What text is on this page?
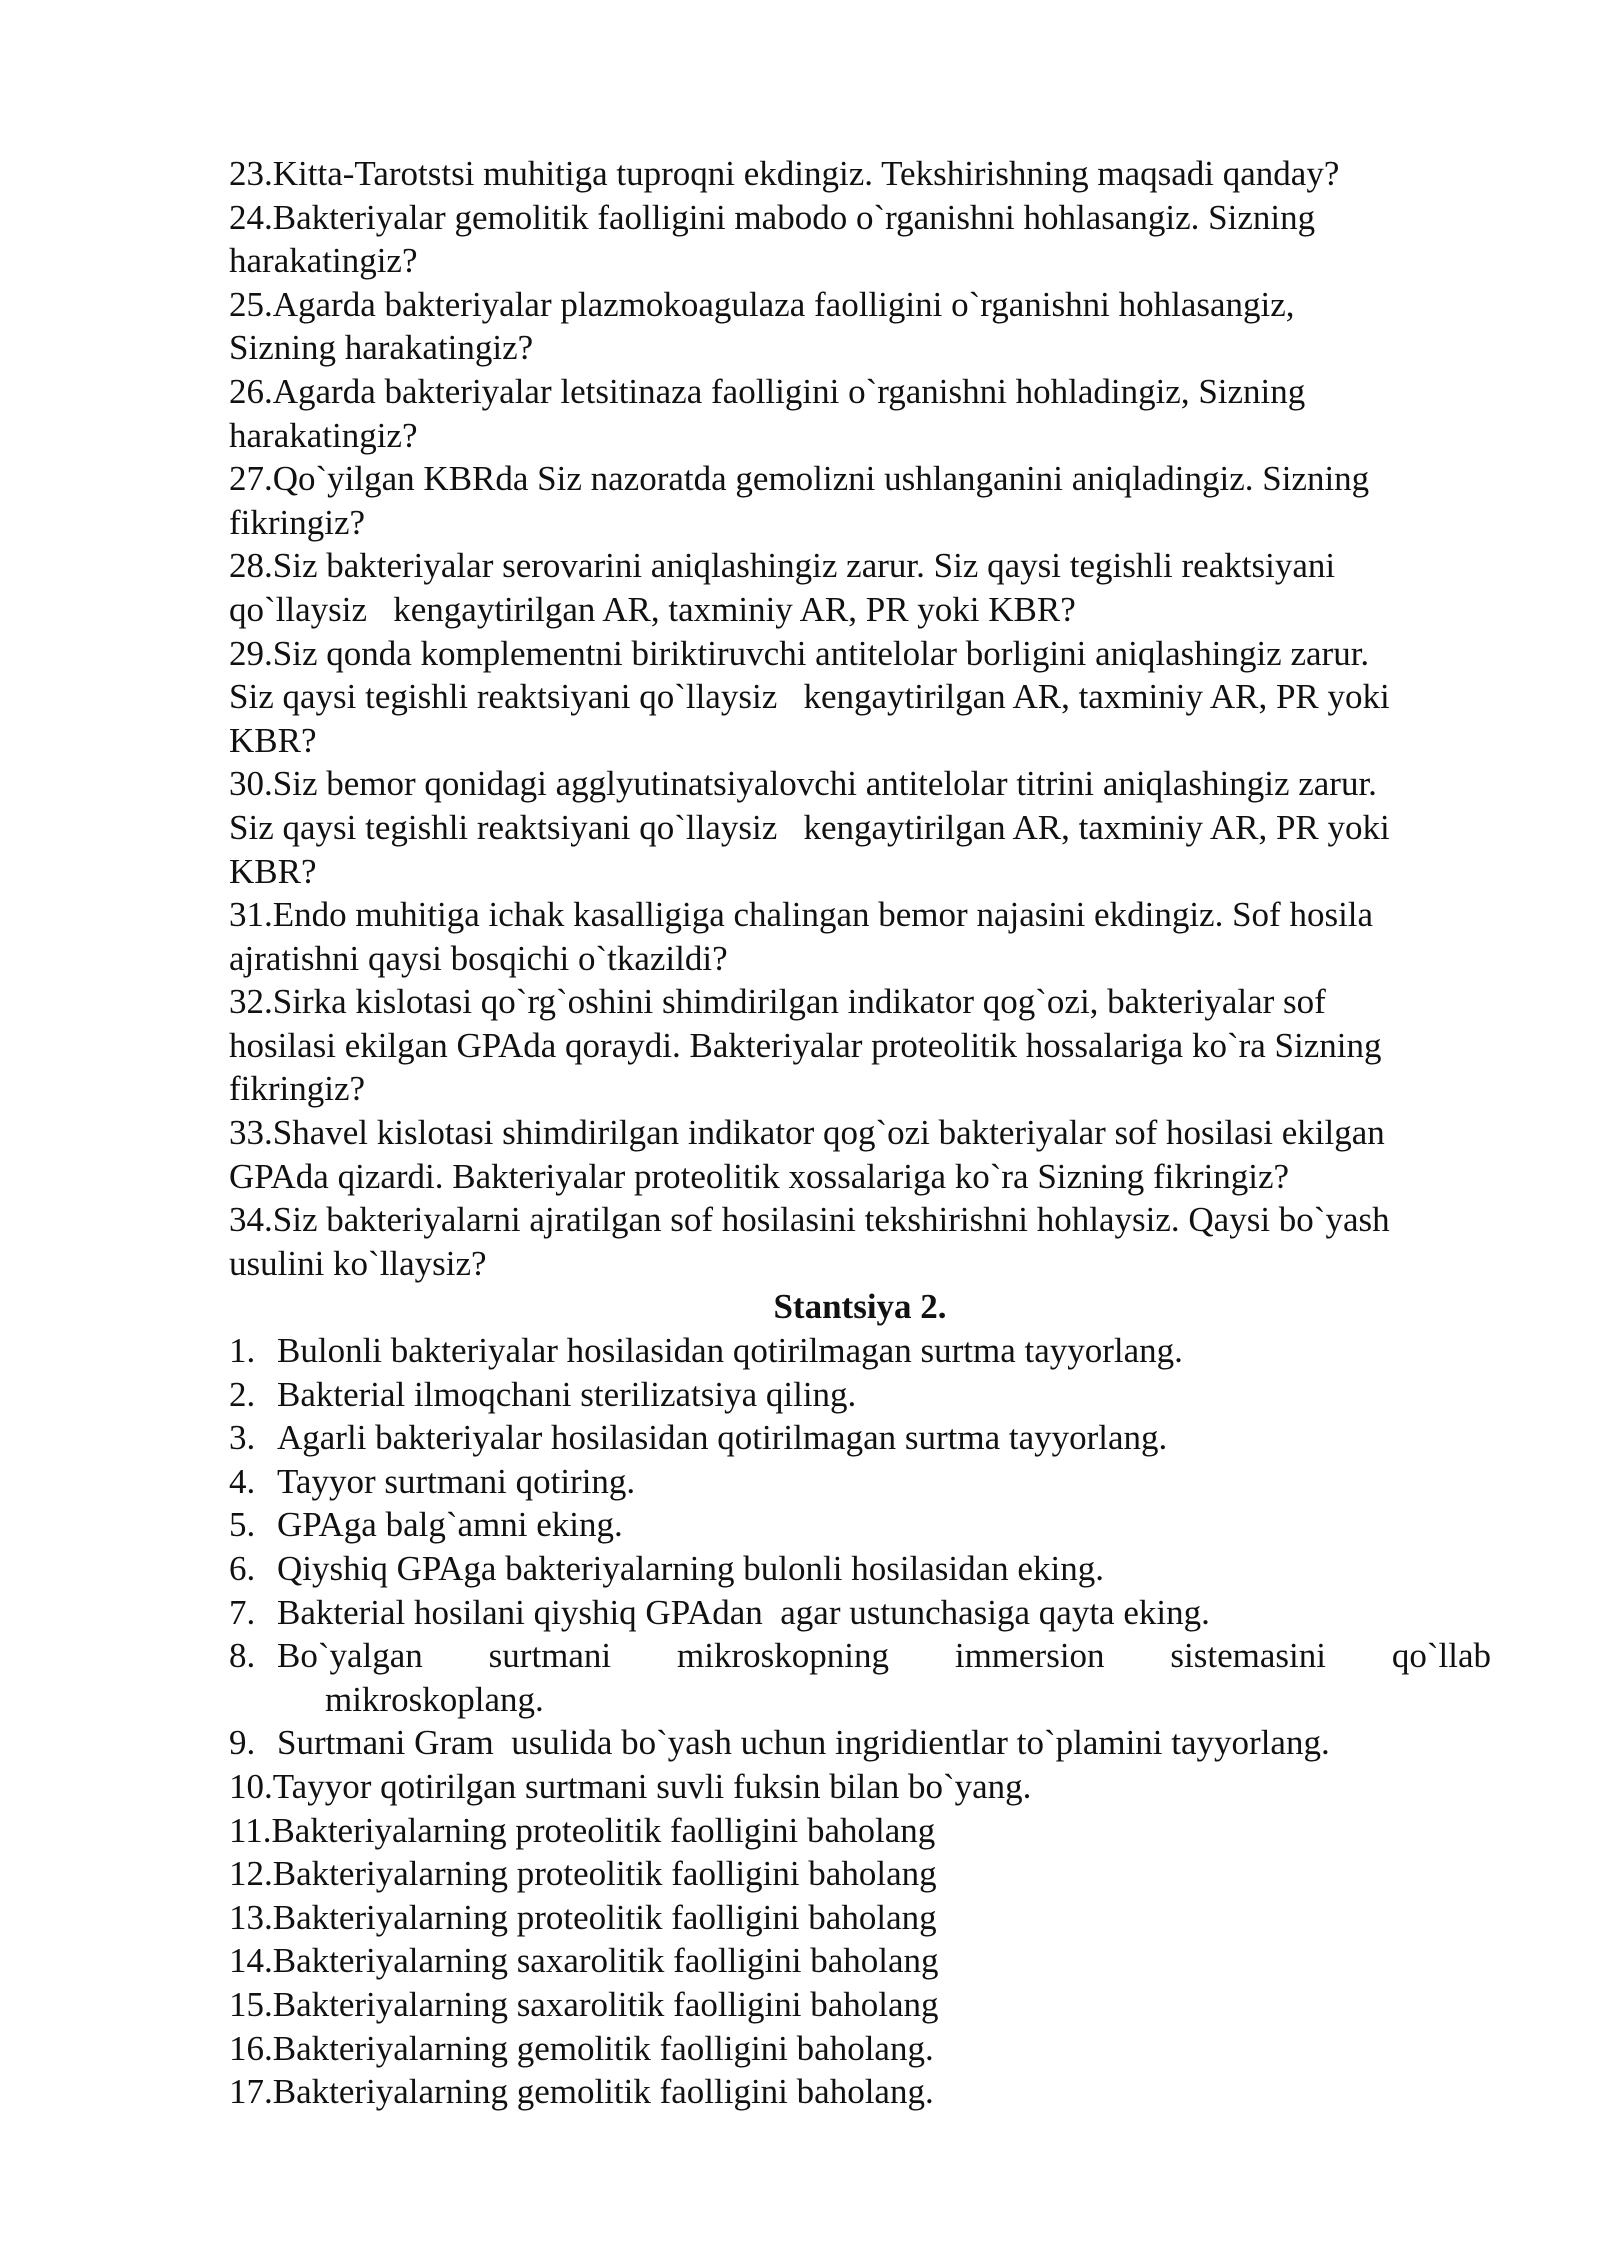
23.Kitta-Tarotstsi muhitiga tuproqni ekdingiz. Tekshirishning maqsadi qanday?
24.Bakteriyalar gemolitik faolligini mabodo o`rganishni hohlasangiz. Sizning
harakatingiz?
25.Agarda bakteriyalar plazmokoagulaza faolligini o`rganishni hohlasangiz,
Sizning harakatingiz?
26.Agarda bakteriyalar letsitinaza faolligini o`rganishni hohladingiz, Sizning
harakatingiz?
27.Qo`yilgan KBRda Siz nazoratda gemolizni ushlanganini aniqladingiz. Sizning
fikringiz?
28.Siz bakteriyalar serovarini aniqlashingiz zarur. Siz qaysi tegishli reaktsiyani
qo`llaysiz   kengaytirilgan AR, taxminiy AR, PR yoki KBR?
29.Siz qonda komplementni biriktiruvchi antitelolar borligini aniqlashingiz zarur.
Siz qaysi tegishli reaktsiyani qo`llaysiz   kengaytirilgan AR, taxminiy AR, PR yoki
KBR?
30.Siz bemor qonidagi agglyutinatsiyalovchi antitelolar titrini aniqlashingiz zarur.
Siz qaysi tegishli reaktsiyani qo`llaysiz   kengaytirilgan AR, taxminiy AR, PR yoki
KBR?
31.Endo muhitiga ichak kasalligiga chalingan bemor najasini ekdingiz. Sof hosila
ajratishni qaysi bosqichi o`tkazildi?
32.Sirka kislotasi qo`rg`oshini shimdirilgan indikator qog`ozi, bakteriyalar sof
hosilasi ekilgan GPAda qoraydi. Bakteriyalar proteolitik hossalariga ko`ra Sizning
fikringiz?
33.Shavel kislotasi shimdirilgan indikator qog`ozi bakteriyalar sof hosilasi ekilgan
GPAda qizardi. Bakteriyalar proteolitik xossalariga ko`ra Sizning fikringiz?
34.Siz bakteriyalarni ajratilgan sof hosilasini tekshirishni hohlaysiz. Qaysi bo`yash
usulini ko`llaysiz?
Stantsiya 2.
1. Bulonli bakteriyalar hosilasidan qotirilmagan surtma tayyorlang.
2. Bakterial ilmoqchani sterilizatsiya qiling.
3. Agarli bakteriyalar hosilasidan qotirilmagan surtma tayyorlang.
4. Tayyor surtmani qotiring.
5. GPAga balg`amni eking.
6. Qiyshiq GPAga bakteriyalarning bulonli hosilasidan eking.
7. Bakterial hosilani qiyshiq GPAdan  agar ustunchasiga qayta eking.
8. Bo`yalgan surtmani mikroskopning immersion sistemasini qo`llab
mikroskoplang.
9. Surtmani Gram  usulida bo`yash uchun ingridientlar to`plamini tayyorlang.
10. Tayyor qotirilgan surtmani suvli fuksin bilan bo`yang.
11. Bakteriyalarning proteolitik faolligini baholang
12. Bakteriyalarning proteolitik faolligini baholang
13. Bakteriyalarning proteolitik faolligini baholang
14. Bakteriyalarning saxarolitik faolligini baholang
15. Bakteriyalarning saxarolitik faolligini baholang
16. Bakteriyalarning gemolitik faolligini baholang.
17. Bakteriyalarning gemolitik faolligini baholang.
